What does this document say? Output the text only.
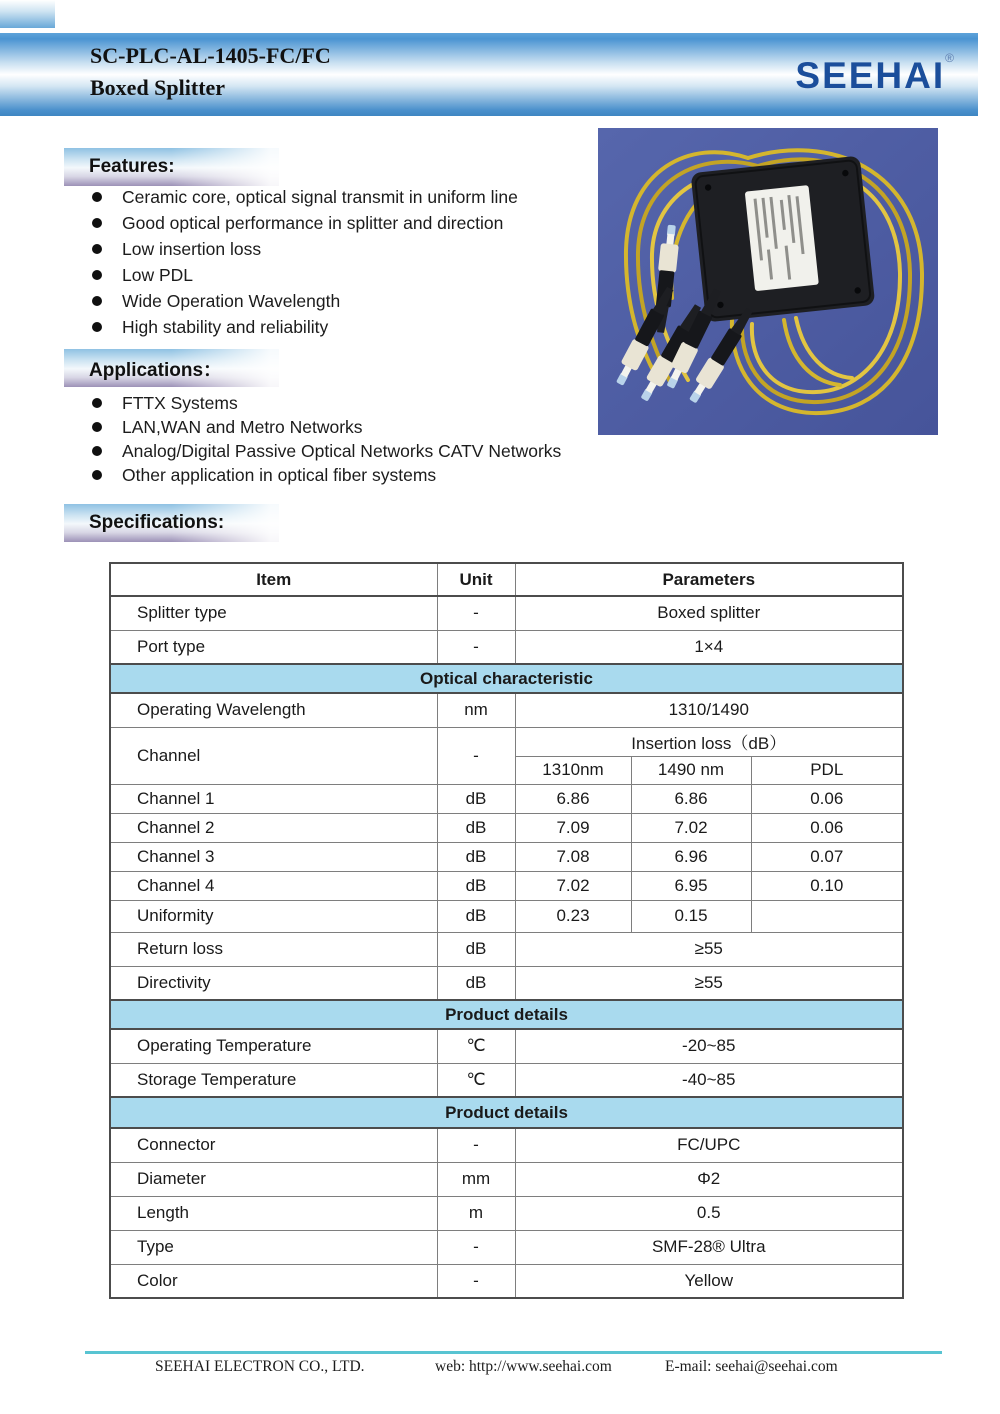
SC-PLC-AL-1405-FC/FC
Boxed Splitter	SEEHAI®
Features:
Ceramic core, optical signal transmit in uniform line
Good optical performance in splitter and direction
Low insertion loss
Low PDL
Wide Operation Wavelength
High stability and reliability
Applications：
FTTX Systems
LAN,WAN and Metro Networks
Analog/Digital Passive Optical Networks CATV Networks
Other application in optical fiber systems
Specifications:
Item	Unit	Parameters		
Splitter type	-	Boxed splitter		
Port type	-	1×4		
Optical characteristic				
Operating Wavelength	nm	1310/1490		
Channel	-	Insertion loss（dB）		
		1310nm	1490 nm	PDL
Channel 1	dB	6.86	6.86	0.06
Channel 2	dB	7.09	7.02	0.06
Channel 3	dB	7.08	6.96	0.07
Channel 4	dB	7.02	6.95	0.10
Uniformity	dB	0.23	0.15	
Return loss	dB	≥55		
Directivity	dB	≥55		
Product details				
Operating Temperature	℃	-20~85		
Storage Temperature	℃	-40~85		
Product details				
Connector	-	FC/UPC		
Diameter	mm	Φ2		
Length	m	0.5		
Type	-	SMF-28® Ultra		
Color	-	Yellow		
SEEHAI ELECTRON CO., LTD.	web: http://www.seehai.com	E-mail: seehai@seehai.com
